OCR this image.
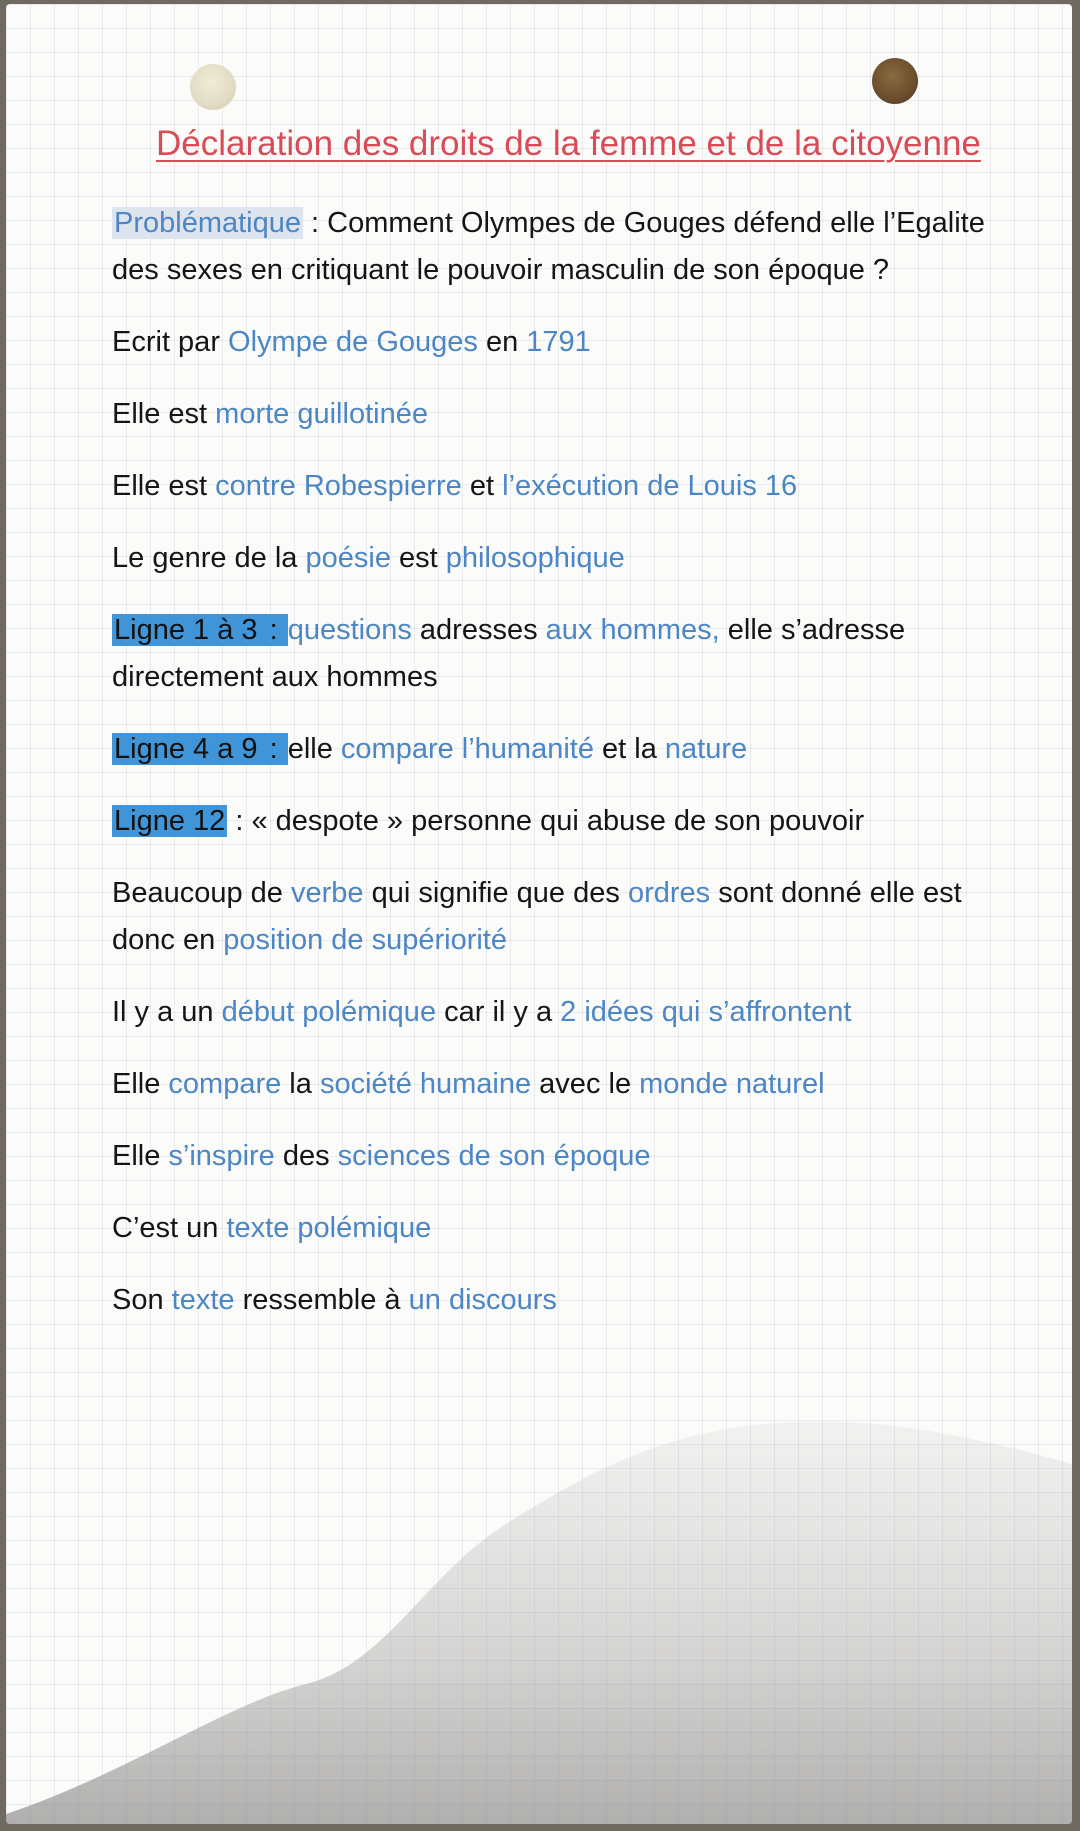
Déclaration des droits de la femme et de la citoyenne

Problématique : Comment Olympes de Gouges défend elle l’Egalite des sexes en critiquant le pouvoir masculin de son époque ?

Ecrit par Olympe de Gouges en 1791

Elle est morte guillotinée

Elle est contre Robespierre et l’exécution de Louis 16

Le genre de la poésie est philosophique

Ligne 1 à 3 : questions adresses aux hommes, elle s’adresse directement aux hommes

Ligne 4 a 9 : elle compare l’humanité et la nature

Ligne 12 : « despote » personne qui abuse de son pouvoir

Beaucoup de verbe qui signifie que des ordres sont donné elle est donc en position de supériorité

Il y a un début polémique car il y a 2 idées qui s’affrontent

Elle compare la société humaine avec le monde naturel

Elle s’inspire des sciences de son époque

C’est un texte polémique

Son texte ressemble à un discours
